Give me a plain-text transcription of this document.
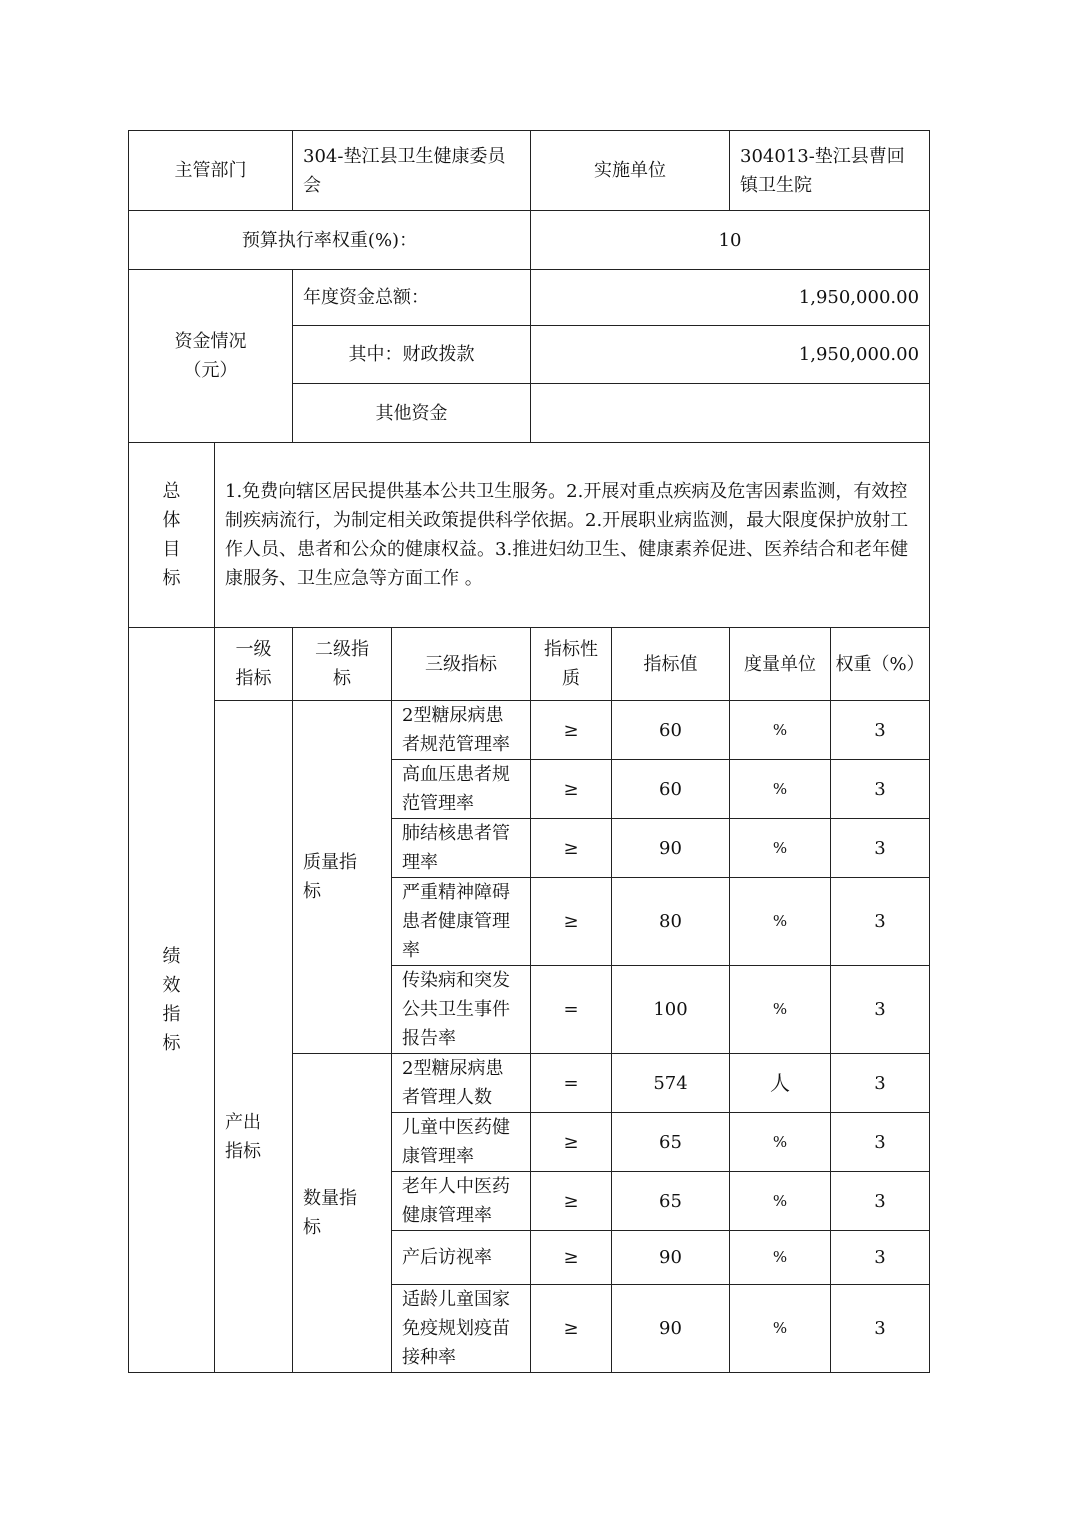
主管部门		304-垫江县卫生健康委员会		实施单位		304013-垫江县曹回镇卫生院	
预算执行率权重(%)：				10			
资金情况（元）		年度资金总额：		1,950,000.00			
		其中：财政拨款		1,950,000.00			
		其他资金					

总体目标	1.免费向辖区居民提供基本公共卫生服务。2.开展对重点疾病及危害因素监测，有效控制疾病流行，为制定相关政策提供科学依据。2.开展职业病监测，最大限度保护放射工作人员、患者和公众的健康权益。3.推进妇幼卫生、健康素养促进、医养结合和老年健康服务、卫生应急等方面工作 。						

绩效指标	一级指标	二级指标	三级指标	指标性质	指标值	度量单位	权重（%）

	产出指标	质量指标	2型糖尿病患者规范管理率	≥	60	%	3
			高血压患者规范管理率	≥	60	%	3
			肺结核患者管理率	≥	90	%	3
			严重精神障碍患者健康管理率	≥	80	%	3
			传染病和突发公共卫生事件报告率	=	100	%	3

		数量指标	2型糖尿病患者管理人数	=	574	人	3
			儿童中医药健康管理率	≥	65	%	3
			老年人中医药健康管理率	≥	65	%	3
			产后访视率	≥	90	%	3
			适龄儿童国家免疫规划疫苗接种率	≥	90	%	3
